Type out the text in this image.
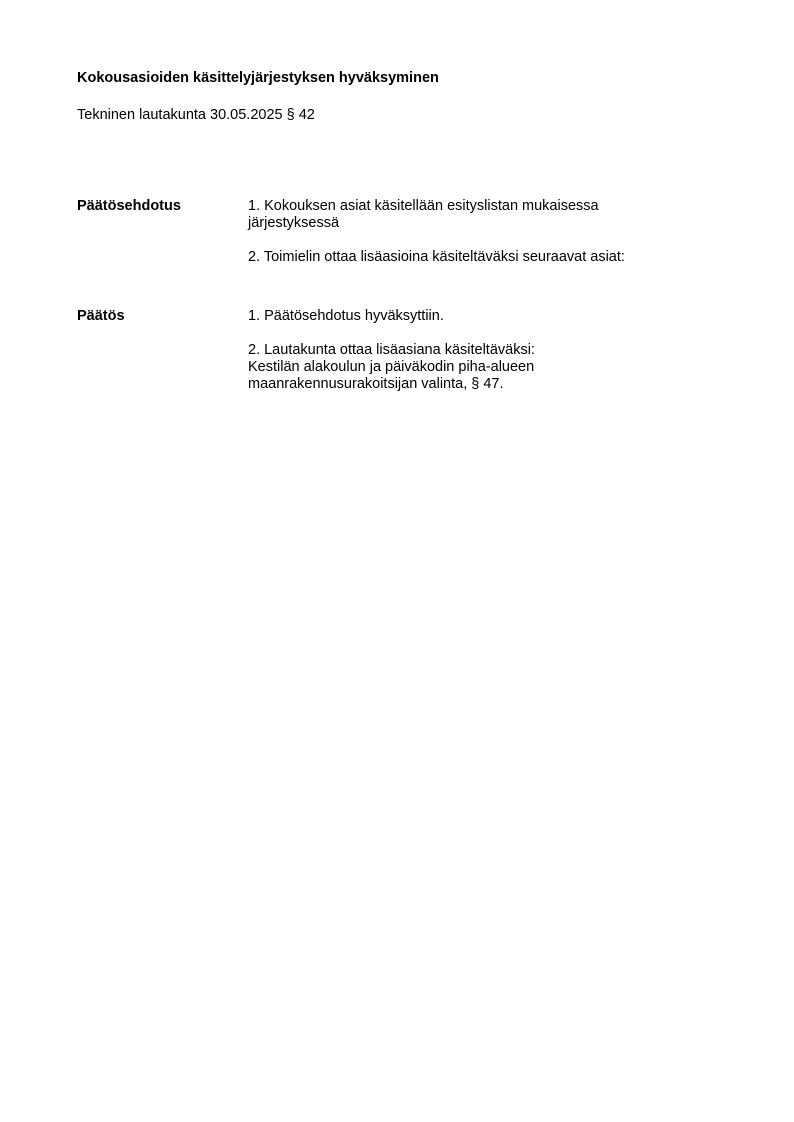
Kokousasioiden käsittelyjärjestyksen hyväksyminen
Tekninen lautakunta 30.05.2025 § 42
Päätösehdotus	1. Kokouksen asiat käsitellään esityslistan mukaisessa
järjestyksessä

2. Toimielin ottaa lisäasioina käsiteltäväksi seuraavat asiat:

Päätös	1. Päätösehdotus hyväksyttiin.

2. Lautakunta ottaa lisäasiana käsiteltäväksi:
Kestilän alakoulun ja päiväkodin piha-alueen
maanrakennusurakoitsijan valinta, § 47.
